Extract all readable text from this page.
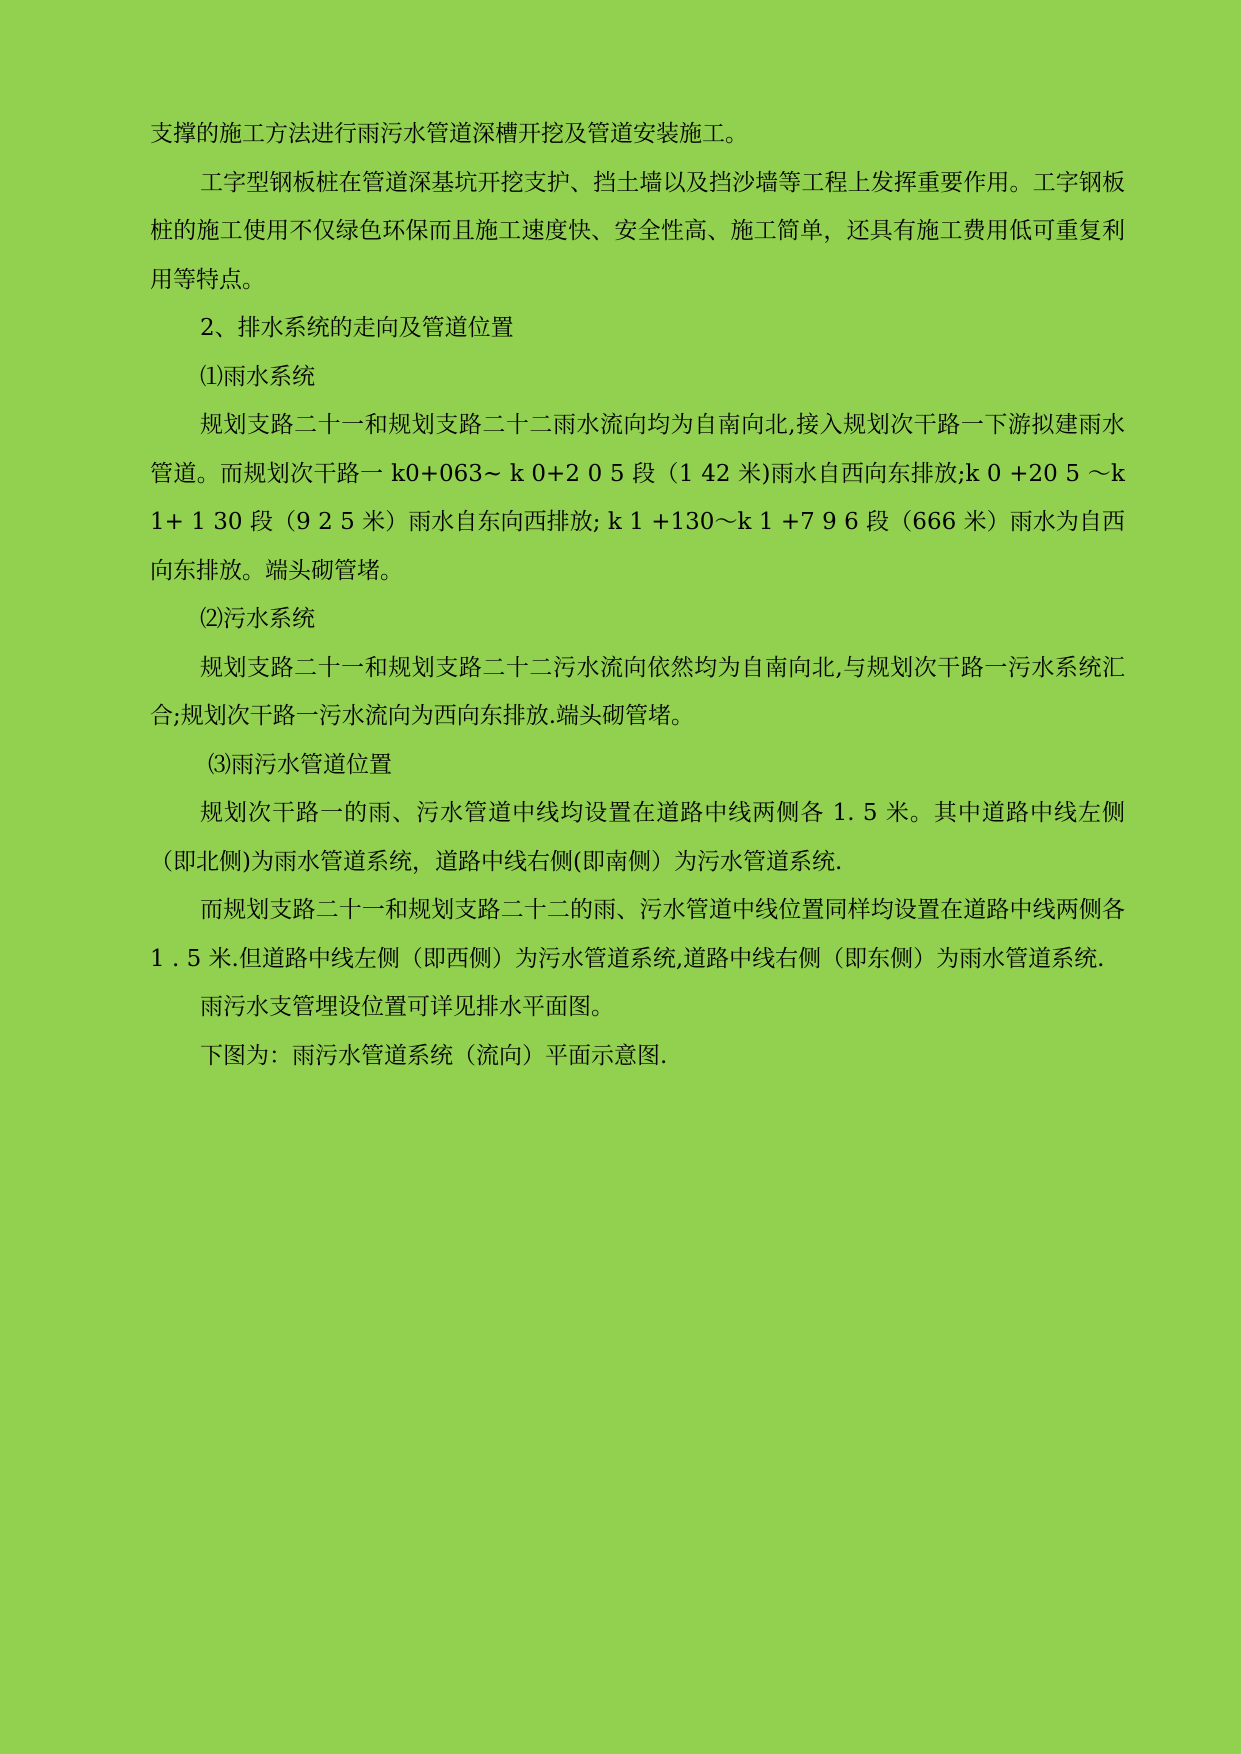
支撑的施工方法进行雨污水管道深槽开挖及管道安装施工。

工字型钢板桩在管道深基坑开挖支护、挡土墙以及挡沙墙等工程上发挥重要作用。工字钢板桩的施工使用不仅绿色环保而且施工速度快、安全性高、施工简单，还具有施工费用低可重复利用等特点。

2、排水系统的走向及管道位置

⑴雨水系统

规划支路二十一和规划支路二十二雨水流向均为自南向北,接入规划次干路一下游拟建雨水管道。而规划次干路一 k0+063~ k 0+2 0 5 段（1 42 米)雨水自西向东排放;k 0 +20 5 ～k1+ 1 30 段（9 2 5 米）雨水自东向西排放; k 1 +130～k 1 +7 9 6 段（666 米）雨水为自西向东排放。端头砌管堵。

⑵污水系统

规划支路二十一和规划支路二十二污水流向依然均为自南向北,与规划次干路一污水系统汇合;规划次干路一污水流向为西向东排放.端头砌管堵。

⑶雨污水管道位置

规划次干路一的雨、污水管道中线均设置在道路中线两侧各 1. 5 米。其中道路中线左侧（即北侧)为雨水管道系统，道路中线右侧(即南侧）为污水管道系统.

而规划支路二十一和规划支路二十二的雨、污水管道中线位置同样均设置在道路中线两侧各 1 . 5 米.但道路中线左侧（即西侧）为污水管道系统,道路中线右侧（即东侧）为雨水管道系统.

雨污水支管埋设位置可详见排水平面图。

下图为：雨污水管道系统（流向）平面示意图.
